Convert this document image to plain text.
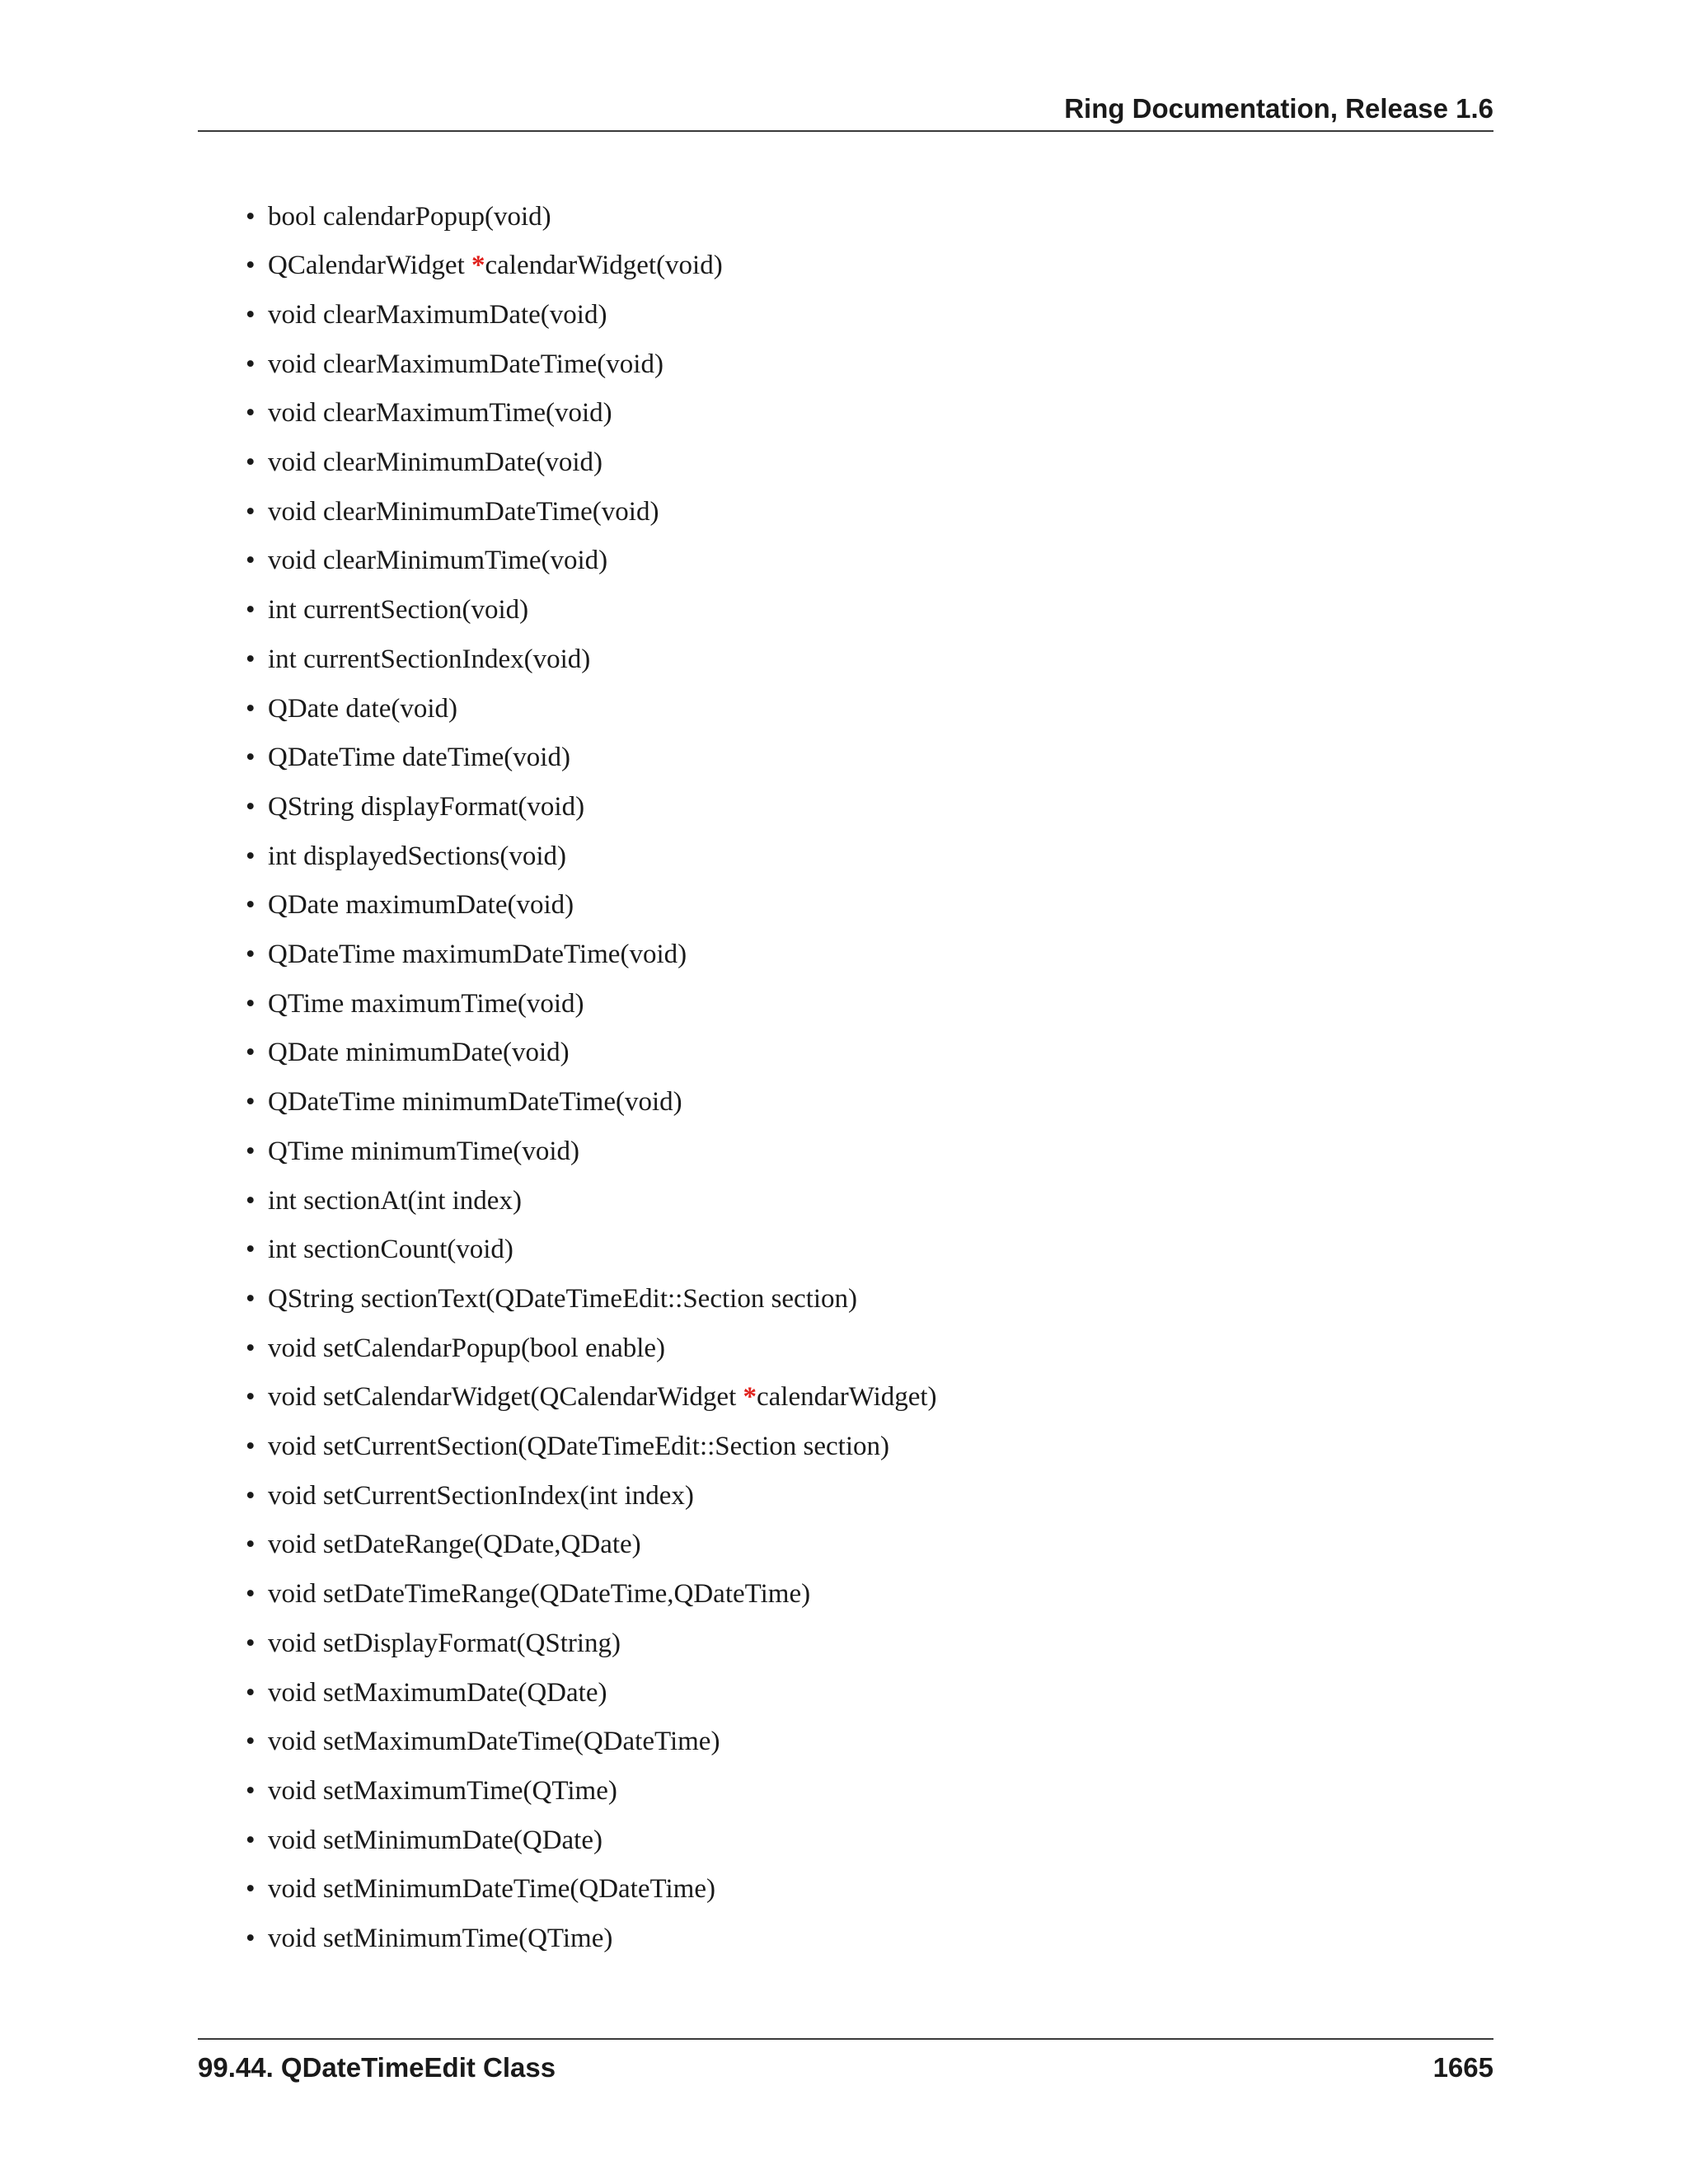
Ring Documentation, Release 1.6
• bool calendarPopup(void)
• QCalendarWidget *calendarWidget(void)
• void clearMaximumDate(void)
• void clearMaximumDateTime(void)
• void clearMaximumTime(void)
• void clearMinimumDate(void)
• void clearMinimumDateTime(void)
• void clearMinimumTime(void)
• int currentSection(void)
• int currentSectionIndex(void)
• QDate date(void)
• QDateTime dateTime(void)
• QString displayFormat(void)
• int displayedSections(void)
• QDate maximumDate(void)
• QDateTime maximumDateTime(void)
• QTime maximumTime(void)
• QDate minimumDate(void)
• QDateTime minimumDateTime(void)
• QTime minimumTime(void)
• int sectionAt(int index)
• int sectionCount(void)
• QString sectionText(QDateTimeEdit::Section section)
• void setCalendarPopup(bool enable)
• void setCalendarWidget(QCalendarWidget *calendarWidget)
• void setCurrentSection(QDateTimeEdit::Section section)
• void setCurrentSectionIndex(int index)
• void setDateRange(QDate,QDate)
• void setDateTimeRange(QDateTime,QDateTime)
• void setDisplayFormat(QString)
• void setMaximumDate(QDate)
• void setMaximumDateTime(QDateTime)
• void setMaximumTime(QTime)
• void setMinimumDate(QDate)
• void setMinimumDateTime(QDateTime)
• void setMinimumTime(QTime)
99.44. QDateTimeEdit Class	1665
